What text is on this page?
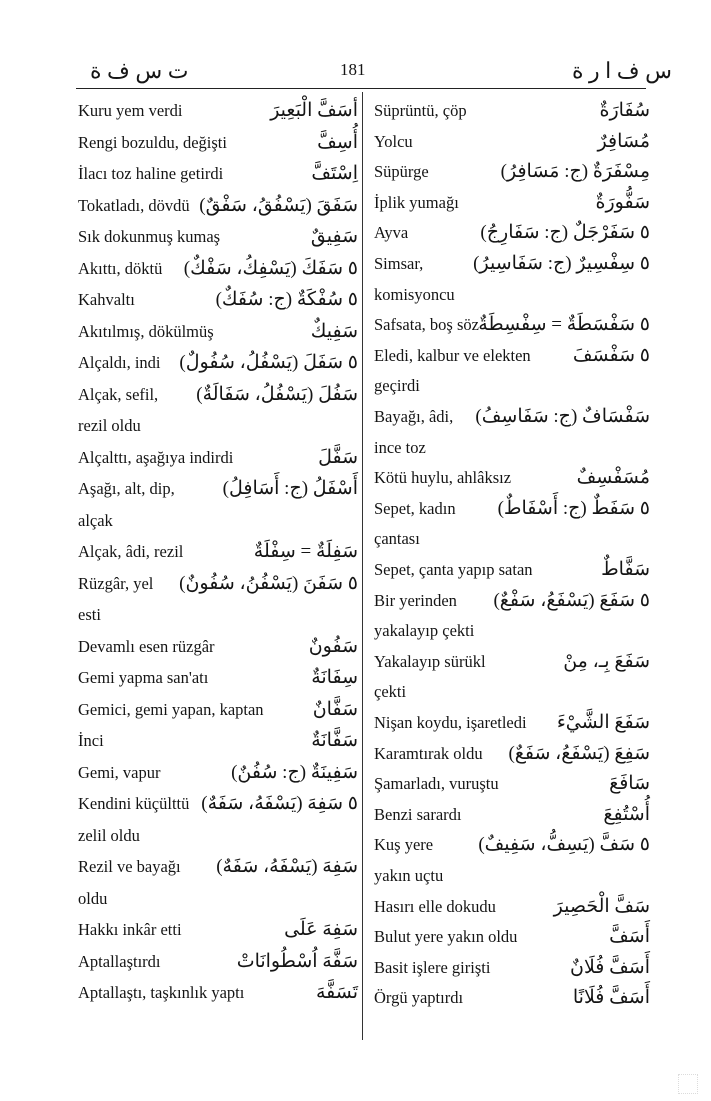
ت س ف ة	181	س ف ا ر ة
Kuru yem verdi	أسَفَّ الْبَعِيرَ
Rengi bozuldu, değişti	أُسِفَّ
İlacı toz haline getirdi	اِسْتَفَّ
Tokatladı, dövdü سَفَقَ (يَسْفُقُ، سَفْقٌ)
Sık dokunmuş kumaş	سَفِيقٌ
Akıttı, döktü ٥ سَفَكَ (يَسْفِكُ، سَفْكٌ)
Kahvaltı	٥ سُفْكَةٌ (ج: سُفَكٌ)
Akıtılmış, dökülmüş	سَفِيكٌ
Alçaldı, indi ٥ سَفَلَ (يَسْفُلُ، سُفُولٌ)
Alçak, sefil, سَفُلَ (يَسْفُلُ، سَفَالَةٌ)
rezil oldu
Alçalttı, aşağıya indirdi	سَفَّلَ
Aşağı, alt, dip,	أَسْفَلُ (ج: أَسَافِلُ)
alçak
Alçak, âdi, rezil	سَفِلَةٌ = سِفْلَةٌ
Rüzgâr, yel ٥ سَفَنَ (يَسْفُنُ، سُفُونٌ)
esti
Devamlı esen rüzgâr	سَفُونٌ
Gemi yapma san'atı	سِفَانَةٌ
Gemici, gemi yapan, kaptan	سَفَّانٌ
İnci	سَفَّانَةٌ
Gemi, vapur	سَفِينَةٌ (ج: سُفُنٌ)
Kendini küçülttü ٥ سَفِهَ (يَسْفَهُ، سَفَهٌ)
zelil oldu
Rezil ve bayağı سَفِهَ (يَسْفَهُ، سَفَهٌ)
oldu
Hakkı inkâr etti	سَفِهَ عَلَى
Aptallaştırdı	سَفَّهَ اُسْطُوانَاتْ
Aptallaştı, taşkınlık yaptı	تَسَفَّهَ
Süprüntü, çöp	سُفَارَةٌ
Yolcu	مُسَافِرٌ
Süpürge	مِسْفَرَةٌ (ج: مَسَافِرُ)
İplik yumağı	سَفُّورَةٌ
Ayva	٥ سَفَرْجَلٌ (ج: سَفَارِجُ)
Simsar,	٥ سِفْسِيرٌ (ج: سَفَاسِيرُ)
komisyoncu
Safsata, boş söz ٥ سَفْسَطَةٌ = سِفْسِطَةٌ
Eledi, kalbur ve elekten ٥ سَفْسَفَ
geçirdi
Bayağı, âdi, سَفْسَافٌ (ج: سَفَاسِفُ)
ince toz
Kötü huylu, ahlâksız	مُسَفْسِفٌ
Sepet, kadın ٥ سَفَطٌ (ج: أَسْفَاطٌ)
çantası
Sepet, çanta yapıp satan	سَفَّاطٌ
Bir yerinden ٥ سَفَعَ (يَسْفَعُ، سَفْعٌ)
yakalayıp çekti
Yakalayıp sürükl	سَفَعَ بِـ، مِنْ
çekti
Nişan koydu, işaretledi سَفَعَ الشَّيْءَ
Karamtırak oldu سَفِعَ (يَسْفَعُ، سَفَعٌ)
Şamarladı, vuruştu	سَافَعَ
Benzi sarardı	أُسْتُفِعَ
Kuş yere ٥ سَفَّ (يَسِفُّ، سَفِيفٌ)
yakın uçtu
Hasırı elle dokudu	سَفَّ الْحَصِيرَ
Bulut yere yakın oldu	أَسَفَّ
Basit işlere girişti	أَسَفَّ فُلَانٌ
Örgü yaptırdı	أَسَفَّ فُلَانًا
